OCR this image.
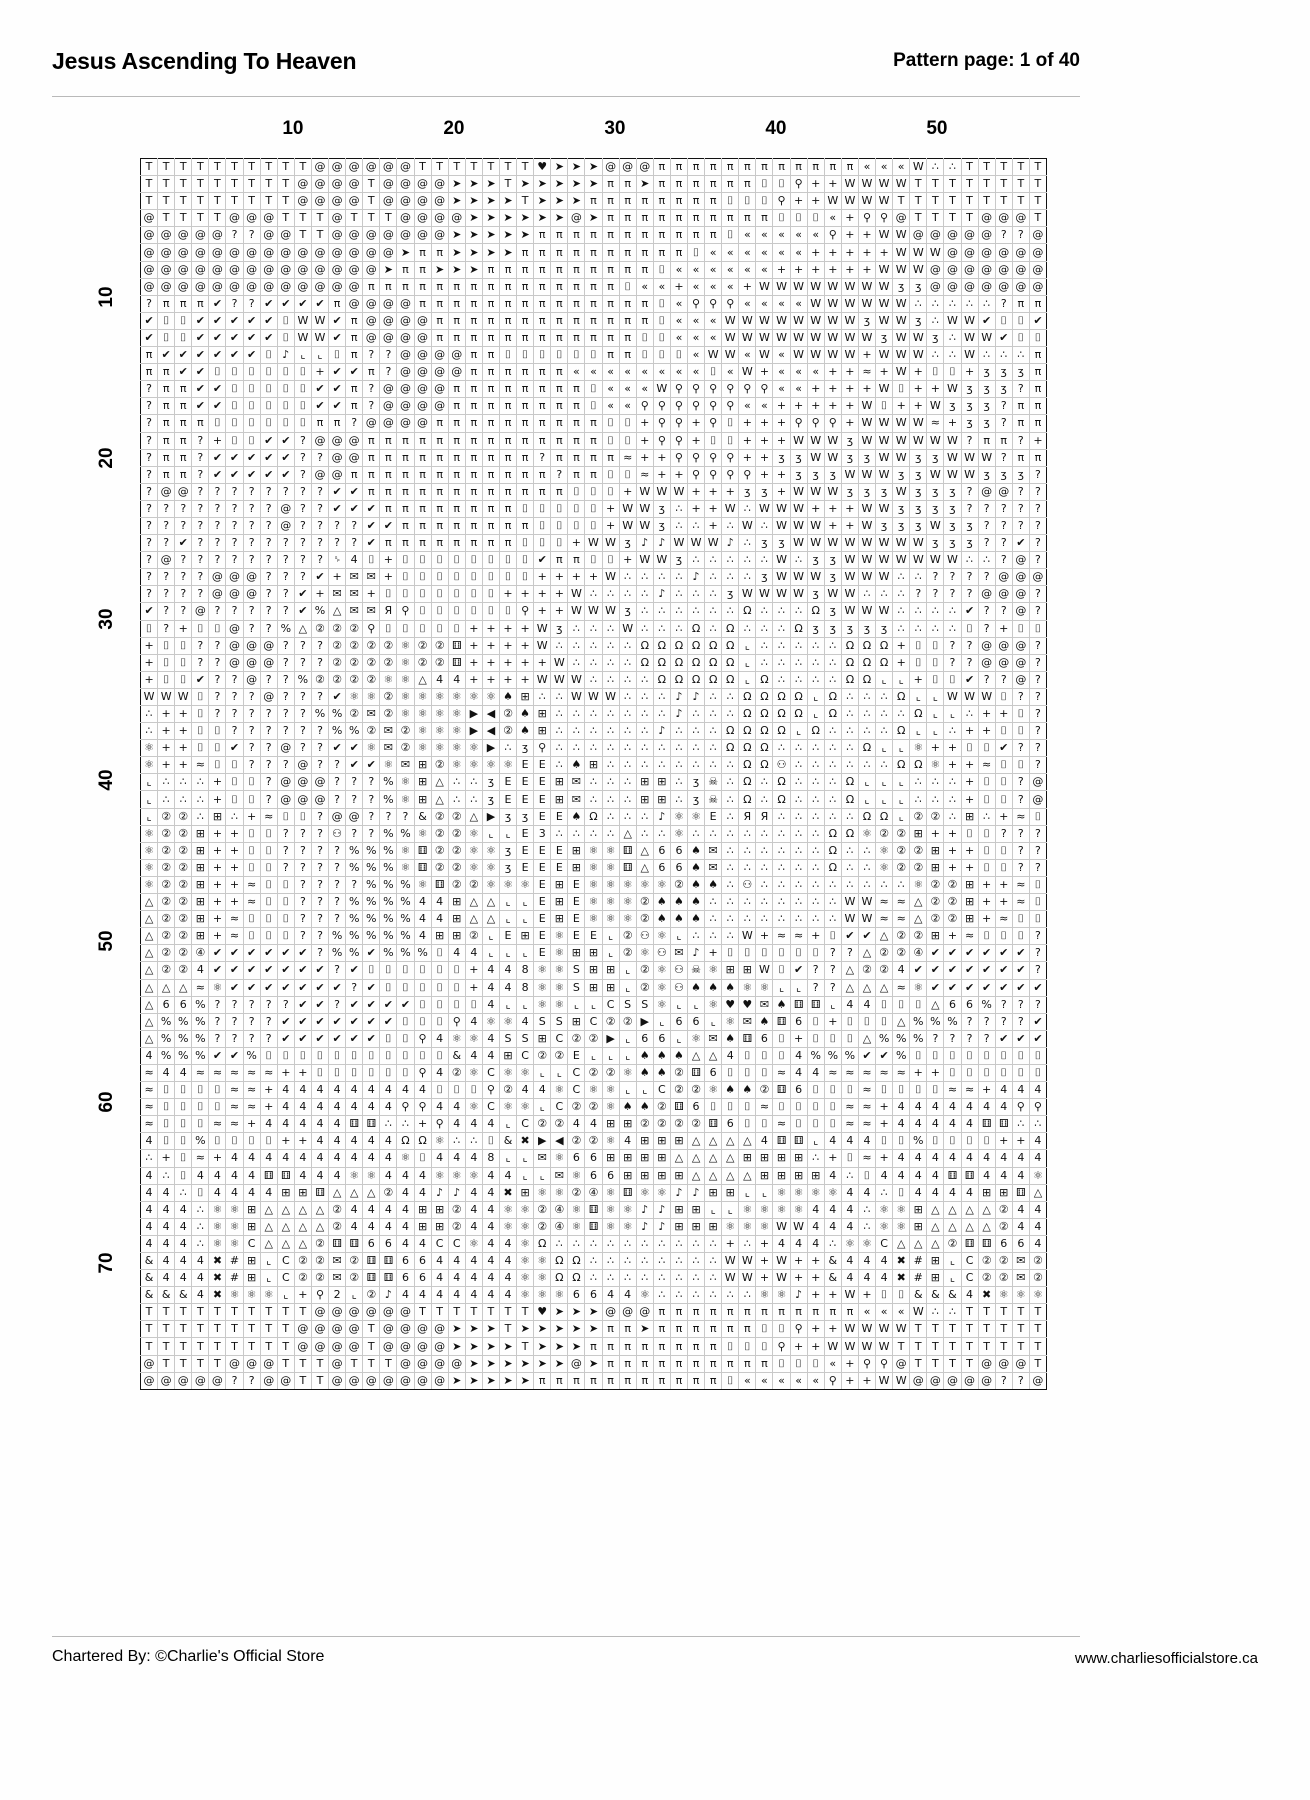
Jesus Ascending To Heaven	Pattern page: 1 of 40
10	20	30	40	50
10
20
30
40
50
60
70
T	T	T	T	T	T	T	T	T	T	@	@	@	@	@	@	T	T	T	T	T	T	T	♥	➤	➤	➤	@	@	@	π	π	π	π	π	π	π	π	π	π	π	π	«	«	«	W	∴	∴	T	T	T	T	T
T	T	T	T	T	T	T	T	T	@	@	@	@	T	@	@	@	@	➤	➤	➤	T	➤	➤	➤	➤	➤	π	π	➤	π	π	π	π	π	π	⌷	⌷	⚲	+	+	W	W	W	W	T	T	T	T	T	T	T	T
T	T	T	T	T	T	T	T	T	@	@	@	@	T	@	@	@	@	➤	➤	➤	➤	T	➤	➤	➤	π	π	π	π	π	π	π	π	⌷	⌷	⌷	⚲	+	+	W	W	W	W	T	T	T	T	T	T	T	T	T
@	T	T	T	T	@	@	@	T	T	T	@	T	T	T	@	@	@	@	➤	➤	➤	➤	➤	➤	@	➤	π	π	π	π	π	π	π	π	π	π	⌷	⌷	⌷	«	+	⚲	⚲	@	T	T	T	T	@	@	@	T
@	@	@	@	@	?	?	@	@	T	T	@	@	@	@	@	@	@	➤	➤	➤	➤	➤	π	π	π	π	π	π	π	π	π	π	π	⌷	«	«	«	«	«	⚲	+	+	W	W	@	@	@	@	@	?	?	@
@	@	@	@	@	@	@	@	@	@	@	@	@	@	@	➤	π	π	➤	➤	➤	➤	π	π	π	π	π	π	π	π	π	π	⌷	«	«	«	«	«	«	+	+	+	+	+	W	W	W	@	@	@	@	@	@
@	@	@	@	@	@	@	@	@	@	@	@	@	@	➤	π	π	➤	➤	➤	π	π	π	π	π	π	π	π	π	π	⌷	«	«	«	«	«	«	+	+	+	+	+	+	W	W	W	@	@	@	@	@	@	@
@	@	@	@	@	@	@	@	@	@	@	@	@	π	π	π	π	π	π	π	π	π	π	π	π	π	π	π	⌷	«	«	+	«	«	«	+	W	W	W	W	W	W	W	W	ʒ	ʒ	@	@	@	@	@	@	@
?	π	π	π	✔	?	?	✔	✔	✔	✔	π	@	@	@	@	π	π	π	π	π	π	π	π	π	π	π	π	π	π	⌷	«	⚲	⚲	⚲	«	«	«	«	W	W	W	W	W	W	∴	∴	∴	∴	∴	?	π	π
✔	⌷	⌷	✔	✔	✔	✔	✔	⌷	W	W	✔	π	@	@	@	@	π	π	π	π	π	π	π	π	π	π	π	π	π	⌷	«	«	«	W	W	W	W	W	W	W	W	ʒ	W	W	ʒ	∴	W	W	✔	⌷	⌷	✔
✔	⌷	⌷	✔	✔	✔	✔	✔	⌷	W	W	✔	π	@	@	@	@	π	π	π	π	π	π	π	π	π	π	π	π	⌷	⌷	«	«	«	W	W	W	W	W	W	W	W	W	ʒ	W	W	ʒ	∴	W	W	✔	⌷	⌷
π	✔	✔	✔	✔	✔	✔	⌷	♪	⌞	⌞	⌷	π	?	?	@	@	@	@	π	π	⌷	⌷	⌷	⌷	⌷	⌷	π	π	⌷	⌷	⌷	«	W	W	«	W	«	W	W	W	W	+	W	W	W	∴	∴	W	∴	∴	∴	π
π	π	✔	✔	⌷	⌷	⌷	⌷	⌷	⌷	+	✔	✔	π	?	@	@	@	@	π	π	π	π	π	π	«	«	«	«	«	«	«	«	⌷	«	W	+	«	«	«	+	+	≈	+	W	+	⌷	⌷	+	ʒ	ʒ	ʒ	π
?	π	π	✔	✔	⌷	⌷	⌷	⌷	⌷	✔	✔	π	?	@	@	@	@	π	π	π	π	π	π	π	π	⌷	«	«	«	W	⚲	⚲	⚲	⚲	⚲	⚲	«	«	+	+	+	+	W	⌷	+	+	W	ʒ	ʒ	ʒ	?	π
?	π	π	✔	✔	⌷	⌷	⌷	⌷	⌷	✔	✔	π	?	@	@	@	@	π	π	π	π	π	π	π	π	⌷	«	«	⚲	⚲	⚲	⚲	⚲	⚲	«	«	+	+	+	+	+	W	⌷	+	+	W	ʒ	ʒ	ʒ	?	π	π
?	π	π	π	⌷	⌷	⌷	⌷	⌷	⌷	π	π	?	@	@	@	@	π	π	π	π	π	π	π	π	π	π	⌷	⌷	+	⚲	⚲	+	⚲	⌷	+	+	+	⚲	⚲	⚲	+	W	W	W	W	≈	+	ʒ	ʒ	?	π	π
?	π	π	?	+	⌷	⌷	✔	✔	?	@	@	@	π	π	π	π	π	π	π	π	π	π	π	π	π	π	⌷	⌷	+	⚲	⚲	+	⌷	⌷	+	+	+	W	W	W	ʒ	W	W	W	W	W	W	?	π	π	?	+
?	π	π	?	✔	✔	✔	✔	✔	?	?	@	@	π	π	π	π	π	π	π	π	π	π	?	π	π	π	π	≈	+	+	⚲	⚲	⚲	⚲	+	+	ʒ	ʒ	W	W	ʒ	ʒ	W	W	ʒ	ʒ	W	W	W	?	π	π
?	π	π	?	✔	✔	✔	✔	✔	?	@	@	π	π	π	π	π	π	π	π	π	π	π	π	?	π	π	⌷	⌷	≈	+	+	⚲	⚲	⚲	⚲	+	+	ʒ	ʒ	ʒ	W	W	W	ʒ	ʒ	W	W	W	ʒ	ʒ	ʒ	?
?	@	@	?	?	?	?	?	?	?	?	✔	✔	π	π	π	π	π	π	π	π	π	π	π	π	⌷	⌷	⌷	+	W	W	W	+	+	+	ʒ	ʒ	+	W	W	W	ʒ	ʒ	ʒ	W	ʒ	ʒ	ʒ	?	@	@	?	?
?	?	?	?	?	?	?	?	@	?	?	✔	✔	✔	π	π	π	π	π	π	π	π	⌷	⌷	⌷	⌷	⌷	+	W	W	ʒ	∴	+	+	W	∴	W	W	W	+	+	+	W	W	ʒ	ʒ	ʒ	ʒ	?	?	?	?	?
?	?	?	?	?	?	?	?	@	?	?	?	?	✔	✔	π	π	π	π	π	π	π	π	⌷	⌷	⌷	⌷	+	W	W	ʒ	∴	∴	+	∴	W	∴	W	W	W	+	+	W	ʒ	ʒ	ʒ	W	ʒ	ʒ	?	?	?	?
?	?	✔	?	?	?	?	?	?	?	?	?	?	✔	π	π	π	π	π	π	π	π	⌷	⌷	⌷	+	W	W	ʒ	♪	♪	W	W	W	♪	∴	ʒ	ʒ	W	W	W	W	W	W	W	W	ʒ	ʒ	ʒ	?	?	✔	?
?	@	?	?	?	?	?	?	?	?	?	␠	4	⌷	+	⌷	⌷	⌷	⌷	⌷	⌷	⌷	⌷	✔	π	π	⌷	⌷	+	W	W	ʒ	∴	∴	∴	∴	∴	W	∴	ʒ	ʒ	W	W	W	W	W	W	W	∴	∴	?	@	?
?	?	?	?	@	@	@	?	?	?	✔	+	✉	✉	+	⌷	⌷	⌷	⌷	⌷	⌷	⌷	⌷	+	+	+	+	W	∴	∴	∴	∴	♪	∴	∴	∴	ʒ	W	W	W	ʒ	W	W	W	∴	∴	?	?	?	?	@	@	@
?	?	?	?	@	@	@	?	?	✔	+	✉	✉	+	⌷	⌷	⌷	⌷	⌷	⌷	⌷	+	+	+	+	W	∴	∴	∴	∴	♪	∴	∴	∴	ʒ	W	W	W	W	ʒ	W	W	∴	∴	∴	?	?	?	?	@	@	@	?
✔	?	?	@	?	?	?	?	?	✔	%	△	✉	✉	Я	⚲	⌷	⌷	⌷	⌷	⌷	⌷	⚲	+	+	W	W	W	ʒ	∴	∴	∴	∴	∴	∴	Ω	∴	∴	∴	Ω	ʒ	W	W	W	∴	∴	∴	∴	✔	?	?	@	?
⌷	?	+	⌷	⌷	@	?	?	%	△	②	②	②	⚲	⌷	⌷	⌷	⌷	⌷	+	+	+	+	W	ʒ	∴	∴	∴	W	∴	∴	∴	Ω	∴	Ω	∴	∴	∴	Ω	ʒ	ʒ	ʒ	ʒ	ʒ	∴	∴	∴	∴	⌷	?	+	⌷	⌷
+	⌷	⌷	?	?	@	@	@	?	?	?	②	②	②	②	⚛	②	②	⚅	+	+	+	+	W	∴	∴	∴	∴	∴	Ω	Ω	Ω	Ω	Ω	Ω	⌞	∴	∴	∴	∴	∴	Ω	Ω	Ω	+	⌷	⌷	?	?	@	@	@	?
+	⌷	⌷	?	?	@	@	@	?	?	?	②	②	②	②	⚛	②	②	⚅	+	+	+	+	+	W	∴	∴	∴	∴	Ω	Ω	Ω	Ω	Ω	Ω	⌞	∴	∴	∴	∴	∴	Ω	Ω	Ω	+	⌷	⌷	?	?	@	@	@	?
+	⌷	⌷	✔	?	?	@	?	?	%	②	②	②	②	⚛	⚛	△	4	4	+	+	+	+	W	W	W	∴	∴	∴	∴	Ω	Ω	Ω	Ω	Ω	⌞	Ω	∴	∴	∴	∴	Ω	Ω	⌞	⌞	+	⌷	⌷	✔	?	?	@	?
W	W	W	⌷	?	?	?	@	?	?	?	✔	⚛	⚛	②	⚛	⚛	⚛	⚛	⚛	⚛	♠	⊞	∴	∴	W	W	W	∴	∴	∴	♪	♪	∴	∴	Ω	Ω	Ω	Ω	⌞	Ω	∴	∴	∴	Ω	⌞	⌞	W	W	W	⌷	?	?
∴	+	+	⌷	?	?	?	?	?	?	%	%	②	✉	②	⚛	⚛	⚛	⚛	▶	◀	②	♠	⊞	∴	∴	∴	∴	∴	∴	∴	♪	∴	∴	∴	Ω	Ω	Ω	Ω	⌞	Ω	∴	∴	∴	∴	Ω	⌞	⌞	∴	+	+	⌷	?
∴	+	+	⌷	⌷	?	?	?	?	?	?	%	%	②	✉	②	⚛	⚛	⚛	▶	◀	②	♠	⊞	∴	∴	∴	∴	∴	∴	♪	∴	∴	∴	Ω	Ω	Ω	Ω	⌞	Ω	∴	∴	∴	∴	Ω	⌞	⌞	∴	+	+	⌷	⌷	?
⚛	+	+	⌷	⌷	✔	?	?	@	?	?	✔	✔	⚛	✉	②	⚛	⚛	⚛	⚛	▶	∴	ʒ	⚲	∴	∴	∴	∴	∴	∴	∴	∴	∴	∴	Ω	Ω	Ω	∴	∴	∴	∴	∴	Ω	⌞	⌞	⚛	+	+	⌷	⌷	✔	?	?
⚛	+	+	≈	⌷	⌷	?	?	?	@	?	?	✔	✔	⚛	✉	⊞	②	⚛	⚛	⚛	⚛	E	E	∴	♠	⊞	∴	∴	∴	∴	∴	∴	∴	∴	Ω	Ω	⚇	∴	∴	∴	∴	∴	∴	Ω	Ω	⚛	+	+	≈	⌷	⌷	?
⌞	∴	∴	∴	+	⌷	⌷	?	@	@	@	?	?	?	%	⚛	⊞	△	∴	∴	ʒ	E	E	E	⊞	✉	∴	∴	∴	⊞	⊞	∴	ʒ	☠	∴	Ω	∴	Ω	∴	∴	∴	Ω	⌞	⌞	⌞	∴	∴	∴	+	⌷	⌷	?	@
⌞	∴	∴	∴	+	⌷	⌷	?	@	@	@	?	?	?	%	⚛	⊞	△	∴	∴	ʒ	E	E	E	⊞	✉	∴	∴	∴	⊞	⊞	∴	ʒ	☠	∴	Ω	∴	Ω	∴	∴	∴	Ω	⌞	⌞	⌞	∴	∴	∴	+	⌷	⌷	?	@
⌞	②	②	∴	⊞	∴	+	≈	⌷	⌷	?	@	@	?	?	?	&	②	②	△	▶	ʒ	ʒ	E	E	♠	Ω	∴	∴	∴	♪	⚛	⚛	E	∴	Я	Я	∴	∴	∴	∴	∴	Ω	Ω	⌞	②	②	∴	⊞	∴	+	≈	⌷
⚛	②	②	⊞	+	+	⌷	⌷	?	?	?	⚇	?	?	%	%	⚛	②	②	⚛	⌞	⌞	E	3	∴	∴	∴	∴	△	∴	∴	⚛	∴	∴	∴	∴	∴	∴	∴	∴	Ω	Ω	⚛	②	②	⊞	+	+	⌷	⌷	?	?	?
⚛	②	②	⊞	+	+	⌷	⌷	?	?	?	?	%	%	%	⚛	⚅	②	②	⚛	⚛	ʒ	E	E	E	⊞	⚛	⚛	⚅	△	6	6	♠	✉	∴	∴	∴	∴	∴	∴	Ω	∴	∴	⚛	②	②	⊞	+	+	⌷	⌷	?	?
⚛	②	②	⊞	+	+	⌷	⌷	?	?	?	?	%	%	%	⚛	⚅	②	②	⚛	⚛	ʒ	E	E	E	⊞	⚛	⚛	⚅	△	6	6	♠	✉	∴	∴	∴	∴	∴	∴	Ω	∴	∴	⚛	②	②	⊞	+	+	⌷	⌷	?	?
⚛	②	②	⊞	+	+	≈	⌷	⌷	?	?	?	?	%	%	%	⚛	⚅	②	②	⚛	⚛	⚛	E	⊞	E	⚛	⚛	⚛	⚛	⚛	②	♠	♠	∴	⚇	∴	∴	∴	∴	∴	∴	∴	∴	∴	⚛	②	②	⊞	+	+	≈	⌷
△	②	②	⊞	+	+	≈	⌷	⌷	?	?	?	%	%	%	%	4	4	⊞	△	△	⌞	⌞	E	⊞	E	⚛	⚛	⚛	②	♠	♠	♠	∴	∴	∴	∴	∴	∴	∴	∴	W	W	≈	≈	△	②	②	⊞	+	+	≈	⌷
△	②	②	⊞	+	≈	⌷	⌷	⌷	?	?	?	%	%	%	%	4	4	⊞	△	△	⌞	⌞	E	⊞	E	⚛	⚛	⚛	②	♠	♠	♠	∴	∴	∴	∴	∴	∴	∴	∴	W	W	≈	≈	△	②	②	⊞	+	≈	⌷	⌷
△	②	②	⊞	+	≈	⌷	⌷	⌷	?	?	%	%	%	%	%	4	⊞	⊞	②	⌞	E	⊞	E	⚛	E	E	⌞	②	⚇	⚛	⌞	∴	∴	∴	W	+	≈	≈	+	⌷	✔	✔	△	②	②	⊞	+	≈	⌷	⌷	⌷	?
△	②	②	④	✔	✔	✔	✔	✔	✔	?	%	%	✔	%	%	%	⌷	4	4	⌞	⌞	⌞	E	⚛	⊞	⊞	⌞	②	⚛	⚇	✉	♪	+	⌷	⌷	⌷	⌷	⌷	⌷	?	?	△	②	②	④	✔	✔	✔	✔	✔	✔	?
△	②	②	4	✔	✔	✔	✔	✔	✔	✔	?	✔	⌷	⌷	⌷	⌷	⌷	⌷	+	4	4	8	⚛	⚛	S	⊞	⊞	⌞	②	⚛	⚇	☠	⚛	⊞	⊞	W	⌷	✔	?	?	△	②	②	4	✔	✔	✔	✔	✔	✔	✔	?
△	△	△	≈	⚛	✔	✔	✔	✔	✔	✔	✔	?	✔	⌷	⌷	⌷	⌷	⌷	+	4	4	8	⚛	⚛	S	⊞	⊞	⌞	②	⚛	⚇	♠	♠	♠	⚛	⚛	⌞	⌞	?	?	△	△	△	≈	⚛	✔	✔	✔	✔	✔	✔	✔
△	6	6	%	?	?	?	?	?	✔	✔	?	✔	✔	✔	✔	⌷	⌷	⌷	⌷	4	⌞	⌞	⚛	⚛	⌞	⌞	C	S	S	⚛	⌞	⌞	⚛	♥	♥	✉	♠	⚅	⚅	⌞	4	4	⌷	⌷	⌷	△	6	6	%	?	?	?
△	%	%	%	?	?	?	?	✔	✔	✔	✔	✔	✔	✔	⌷	⌷	⌷	⚲	4	⚛	⚛	4	S	S	⊞	C	②	②	▶	⌞	6	6	⌞	⚛	✉	♠	⚅	6	⌷	+	⌷	⌷	⌷	△	%	%	%	?	?	?	?	✔
△	%	%	%	?	?	?	?	✔	✔	✔	✔	✔	✔	⌷	⌷	⚲	4	⚛	⚛	4	S	S	⊞	C	②	②	▶	⌞	6	6	⌞	⚛	✉	♠	⚅	6	⌷	+	⌷	⌷	⌷	△	%	%	%	?	?	?	?	✔	✔	✔
4	%	%	%	✔	✔	%	⌷	⌷	⌷	⌷	⌷	⌷	⌷	⌷	⌷	⌷	⌷	&	4	4	⊞	C	②	②	E	⌞	⌞	⌞	♠	♠	♠	△	△	4	⌷	⌷	⌷	4	%	%	%	✔	✔	%	⌷	⌷	⌷	⌷	⌷	⌷	⌷	⌷
≈	4	4	≈	≈	≈	≈	≈	+	+	⌷	⌷	⌷	⌷	⌷	⌷	⚲	4	②	⚛	C	⚛	⚛	⌞	⌞	C	②	②	⚛	♠	♠	②	⚅	6	⌷	⌷	⌷	≈	4	4	≈	≈	≈	≈	≈	+	+	⌷	⌷	⌷	⌷	⌷	⌷
≈	⌷	⌷	⌷	⌷	≈	≈	+	4	4	4	4	4	4	4	4	4	⌷	⌷	⌷	⚲	②	4	4	⚛	C	⚛	⚛	⌞	⌞	C	②	②	⚛	♠	♠	②	⚅	6	⌷	⌷	⌷	≈	⌷	⌷	⌷	⌷	≈	≈	+	4	4	4
≈	⌷	⌷	⌷	⌷	≈	≈	+	4	4	4	4	4	4	4	⚲	⚲	4	4	⚛	C	⚛	⚛	⌞	C	②	②	⚛	♠	♠	②	⚅	6	⌷	⌷	⌷	≈	⌷	⌷	⌷	⌷	≈	≈	+	4	4	4	4	4	4	4	⚲	⚲
≈	⌷	⌷	⌷	≈	≈	+	4	4	4	4	4	⚅	⚅	∴	∴	+	⚲	4	4	4	⌞	C	②	②	4	4	⊞	⊞	②	②	②	②	⚅	6	⌷	⌷	≈	⌷	⌷	⌷	≈	≈	+	4	4	4	4	4	⚅	⚅	∴	∴
4	⌷	⌷	%	⌷	⌷	⌷	⌷	+	+	4	4	4	4	4	Ω	Ω	⚛	∴	∴	⌷	&	✖	▶	◀	②	②	⚛	4	⊞	⊞	⊞	△	△	△	△	4	⚅	⚅	⌞	4	4	4	⌷	⌷	%	⌷	⌷	⌷	⌷	+	+	4
∴	+	⌷	≈	+	4	4	4	4	4	4	4	4	4	4	⚛	⌷	4	4	4	8	⌞	⌞	✉	⚛	6	6	⊞	⊞	⊞	⊞	△	△	△	△	⊞	⊞	⊞	⊞	∴	+	⌷	≈	+	4	4	4	4	4	4	4	4	4
4	∴	⌷	4	4	4	4	⚅	⚅	4	4	4	⚛	⚛	4	4	4	⚛	⚛	⚛	4	4	⌞	⌞	✉	⚛	6	6	⊞	⊞	⊞	⊞	△	△	△	△	⊞	⊞	⊞	⊞	4	∴	⌷	4	4	4	4	⚅	⚅	4	4	4	⚛
4	4	∴	⌷	4	4	4	4	⊞	⊞	⚅	△	△	△	②	4	4	♪	♪	4	4	✖	⊞	⚛	⚛	②	④	⚛	⚅	⚛	⚛	♪	♪	⊞	⊞	⌞	⌞	⚛	⚛	⚛	⚛	4	4	∴	⌷	4	4	4	4	⊞	⊞	⚅	△
4	4	4	∴	⚛	⚛	⊞	△	△	△	△	②	4	4	4	4	⊞	⊞	②	4	4	⚛	⚛	②	④	⚛	⚅	⚛	⚛	♪	♪	⊞	⊞	⌞	⌞	⚛	⚛	⚛	⚛	4	4	4	∴	⚛	⚛	⊞	△	△	△	△	②	4	4
4	4	4	∴	⚛	⚛	⊞	△	△	△	△	②	4	4	4	4	⊞	⊞	②	4	4	⚛	⚛	②	④	⚛	⚅	⚛	⚛	♪	♪	⊞	⊞	⊞	⚛	⚛	⚛	W	W	4	4	4	∴	⚛	⚛	⊞	△	△	△	△	②	4	4
4	4	4	∴	⚛	⚛	C	△	△	△	②	⚅	⚅	6	6	4	4	C	C	⚛	4	4	⚛	Ω	∴	∴	∴	∴	∴	∴	∴	∴	∴	∴	+	∴	+	4	4	4	∴	⚛	⚛	C	△	△	△	②	⚅	⚅	6	6	4
&	4	4	4	✖	#	⊞	⌞	C	②	②	✉	②	⚅	⚅	6	6	4	4	4	4	4	⚛	⚛	Ω	Ω	∴	∴	∴	∴	∴	∴	∴	∴	W	W	+	W	+	+	&	4	4	4	✖	#	⊞	⌞	C	②	②	✉	②
&	4	4	4	✖	#	⊞	⌞	C	②	②	✉	②	⚅	⚅	6	6	4	4	4	4	4	⚛	⚛	Ω	Ω	∴	∴	∴	∴	∴	∴	∴	∴	W	W	+	W	+	+	&	4	4	4	✖	#	⊞	⌞	C	②	②	✉	②
&	&	&	4	✖	⚛	⚛	⚛	⌞	+	⚲	2	⌞	②	♪	4	4	4	4	4	4	4	⚛	⚛	⚛	6	6	4	4	⚛	∴	∴	∴	∴	∴	∴	⚛	⚛	♪	+	+	W	+	⌷	⌷	&	&	&	4	✖	⚛	⚛	⚛
T	T	T	T	T	T	T	T	T	T	@	@	@	@	@	@	T	T	T	T	T	T	T	♥	➤	➤	➤	@	@	@	π	π	π	π	π	π	π	π	π	π	π	π	«	«	«	W	∴	∴	T	T	T	T	T
T	T	T	T	T	T	T	T	T	@	@	@	@	T	@	@	@	@	➤	➤	➤	T	➤	➤	➤	➤	➤	π	π	➤	π	π	π	π	π	π	⌷	⌷	⚲	+	+	W	W	W	W	T	T	T	T	T	T	T	T
T	T	T	T	T	T	T	T	T	@	@	@	@	T	@	@	@	@	➤	➤	➤	➤	T	➤	➤	➤	π	π	π	π	π	π	π	π	⌷	⌷	⌷	⚲	+	+	W	W	W	W	T	T	T	T	T	T	T	T	T
@	T	T	T	T	@	@	@	T	T	T	@	T	T	T	@	@	@	@	➤	➤	➤	➤	➤	➤	@	➤	π	π	π	π	π	π	π	π	π	π	⌷	⌷	⌷	«	+	⚲	⚲	@	T	T	T	T	@	@	@	T
@	@	@	@	@	?	?	@	@	T	T	@	@	@	@	@	@	@	➤	➤	➤	➤	➤	π	π	π	π	π	π	π	π	π	π	π	⌷	«	«	«	«	«	⚲	+	+	W	W	@	@	@	@	@	?	?	@
Chartered By: ©Charlie's Official Store	www.charliesofficialstore.ca
